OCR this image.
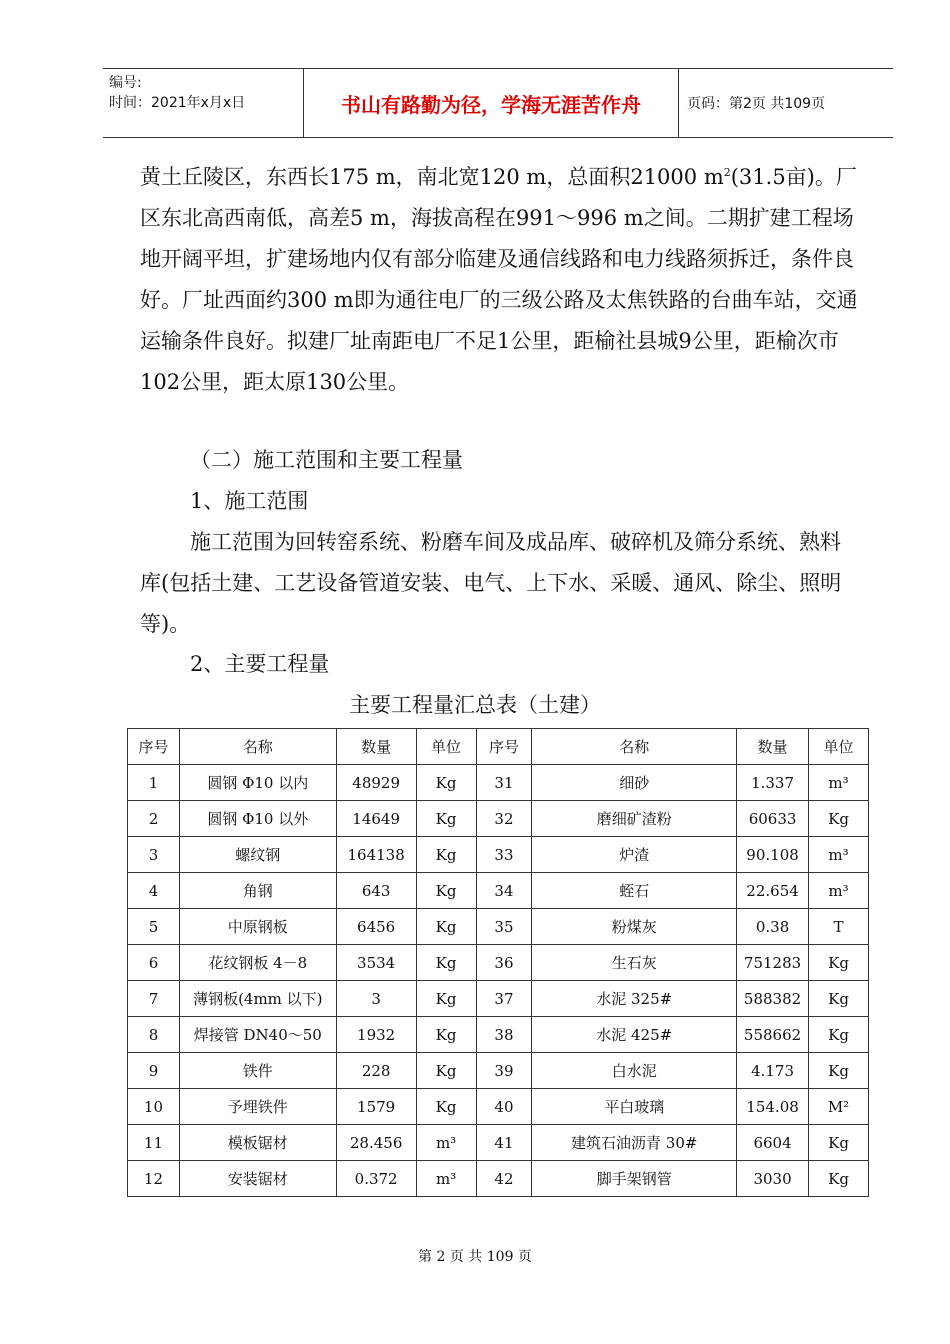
编号:
时间：2021年x月x日	书山有路勤为径，学海无涯苦作舟	页码：第2页 共109页

黄土丘陵区，东西长175 m，南北宽120 m，总面积21000 $m^2(31.5$亩)。厂区东北高西南低，高差5 m，海拔高程在991～996 m之间。二期扩建工程场地开阔平坦，扩建场地内仅有部分临建及通信线路和电力线路须拆迁，条件良好。厂址西面约300 m即为通往电厂的三级公路及太焦铁路的台曲车站，交通运输条件良好。拟建厂址南距电厂不足1公里，距榆社县城9公里，距榆次市102公里，距太原130公里。

（二）施工范围和主要工程量

1、施工范围

施工范围为回转窑系统、粉磨车间及成品库、破碎机及筛分系统、熟料库(包括土建、工艺设备管道安装、电气、上下水、采暖、通风、除尘、照明等)。

2、主要工程量

主要工程量汇总表（土建）
序号	名称	数量	单位	序号	名称	数量	单位
1	圆钢 Φ10 以内	48929	Kg	31	细砂	1.337	m³
2	圆钢 Φ10 以外	14649	Kg	32	磨细矿渣粉	60633	Kg
3	螺纹钢	164138	Kg	33	炉渣	90.108	m³
4	角钢	643	Kg	34	蛭石	22.654	m³
5	中原钢板	6456	Kg	35	粉煤灰	0.38	T
6	花纹钢板 4－8	3534	Kg	36	生石灰	751283	Kg
7	薄钢板(4mm 以下)	3	Kg	37	水泥 325#	588382	Kg
8	焊接管 DN40～50	1932	Kg	38	水泥 425#	558662	Kg
9	铁件	228	Kg	39	白水泥	4.173	Kg
10	予埋铁件	1579	Kg	40	平白玻璃	154.08	M²
11	模板锯材	28.456	m³	41	建筑石油沥青 30#	6604	Kg
12	安装锯材	0.372	m³	42	脚手架钢管	3030	Kg
第 2 页 共 109 页
